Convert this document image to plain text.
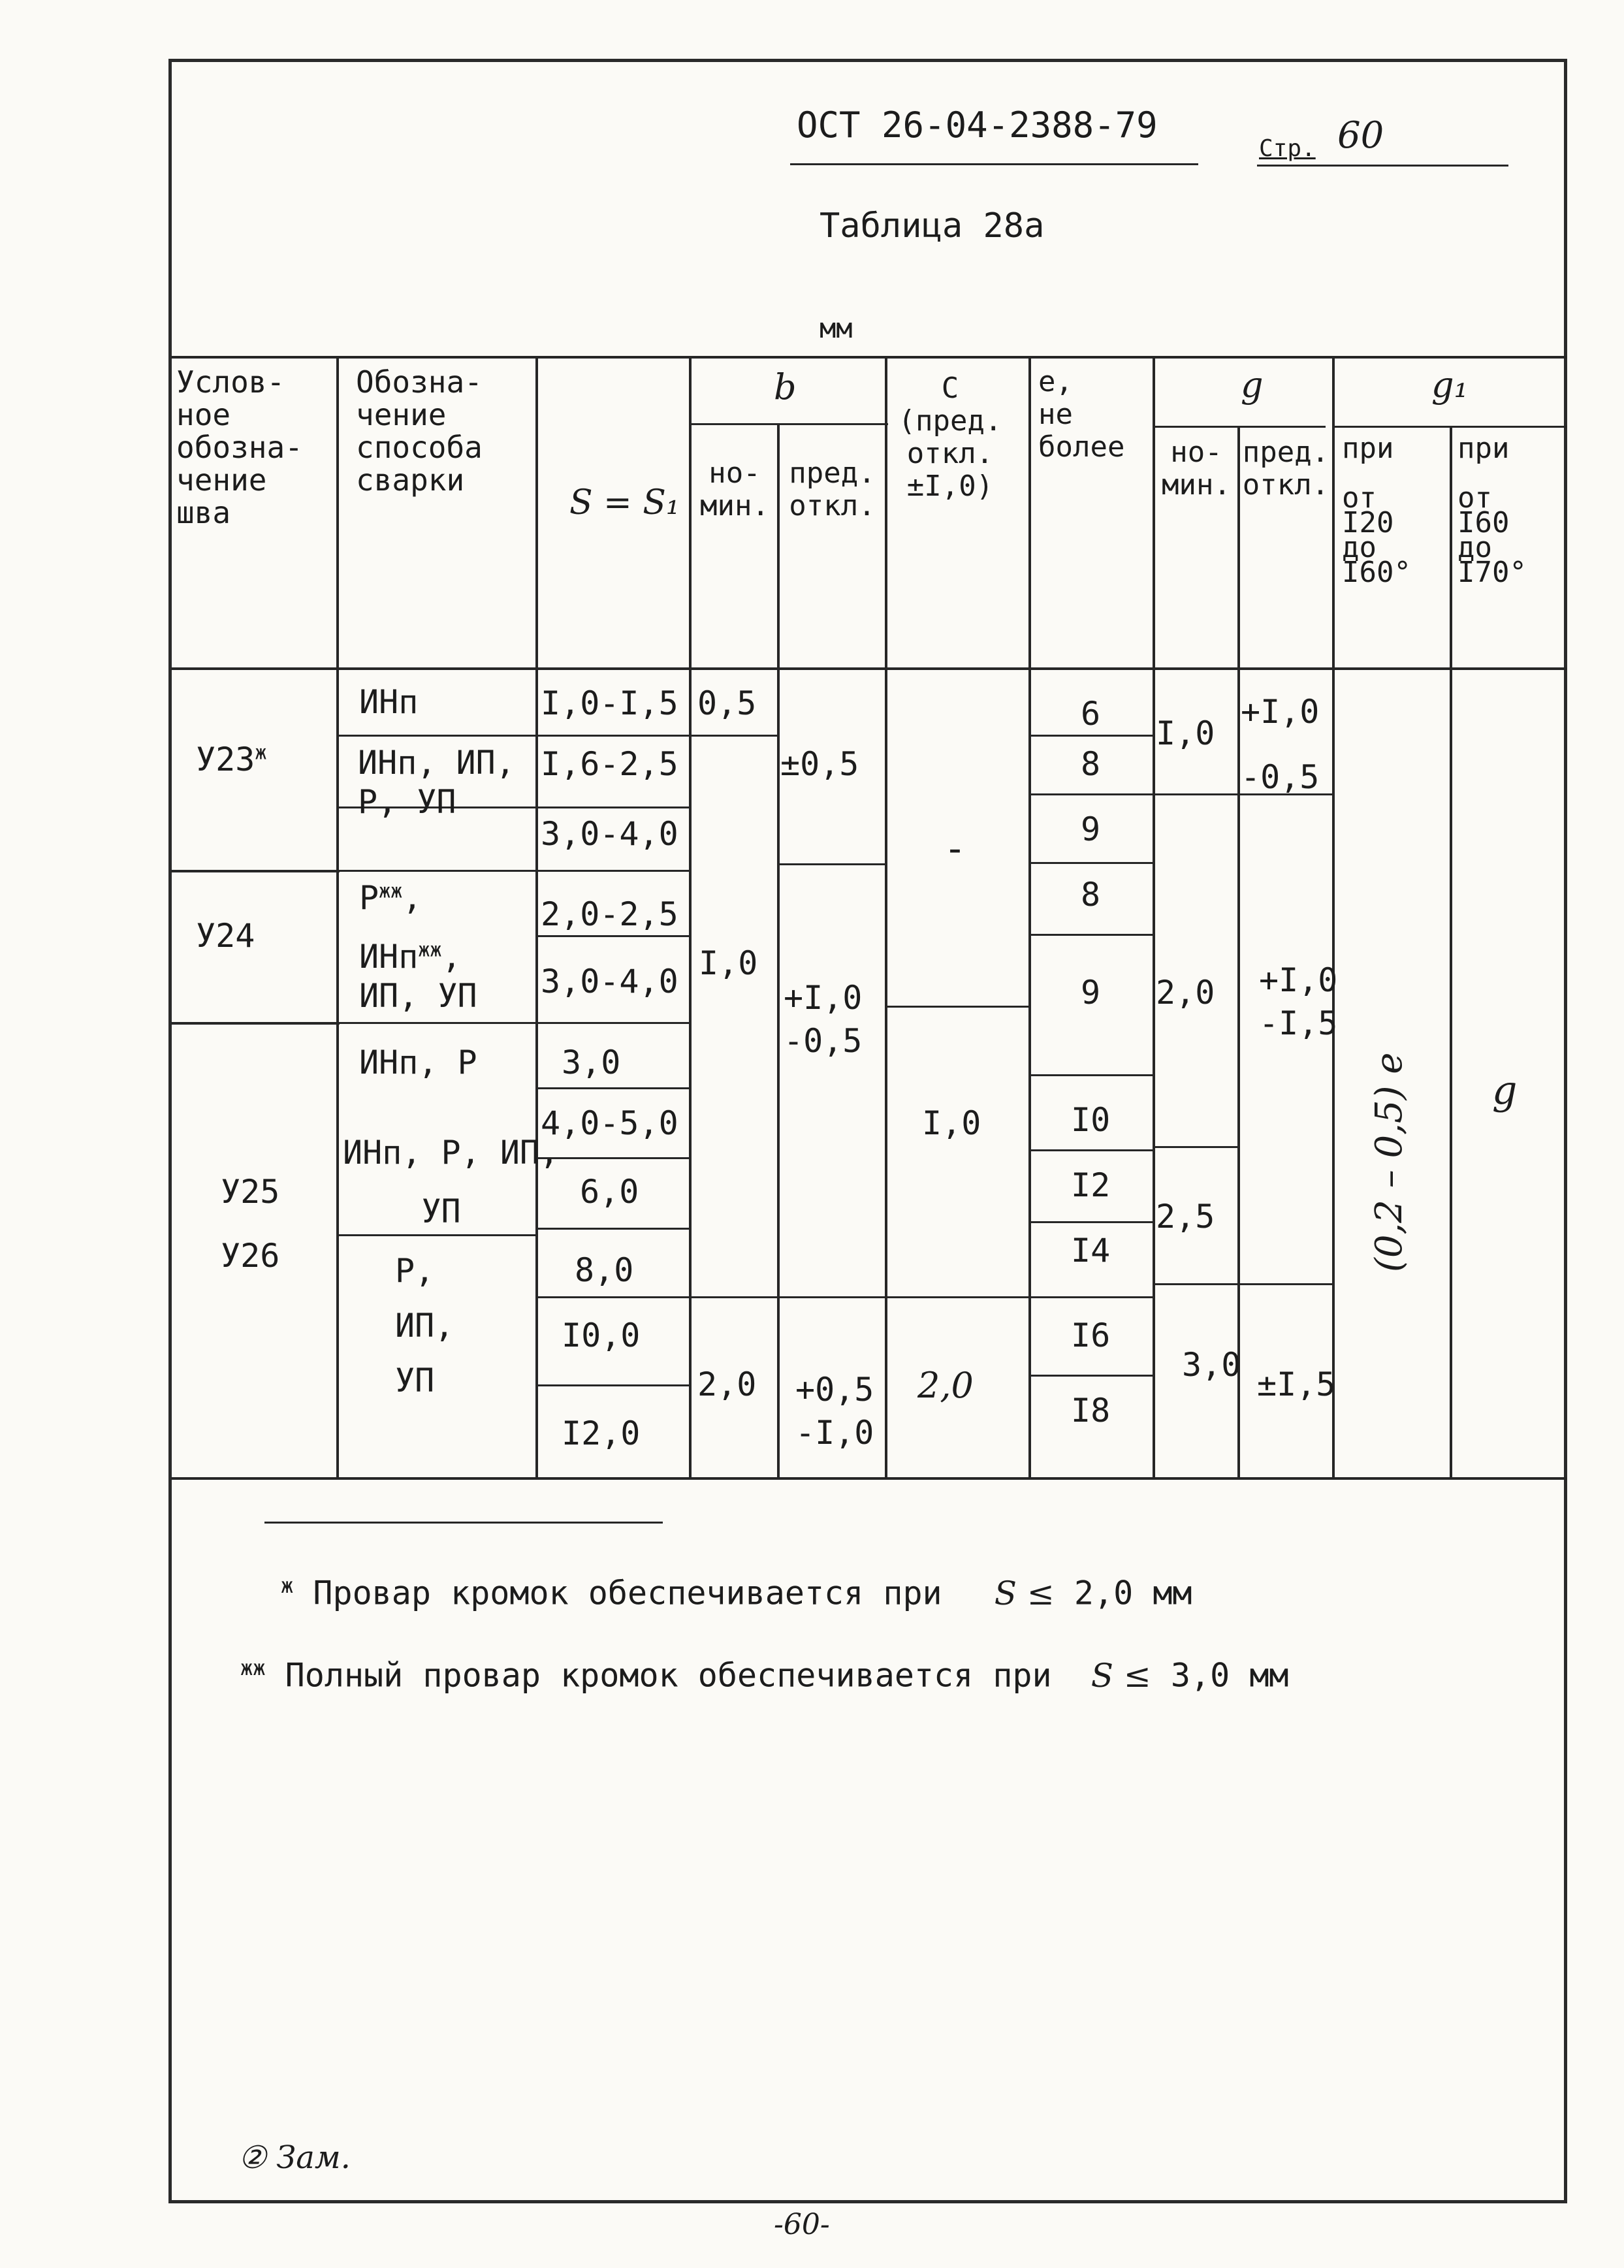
ОСТ 26-04-2388-79
Стр. 60
Таблица 28а
мм
Услов-
ное
обозна-
чение
шва
Обозна-
чение
способа
сварки
S = S₁
b
но-
мин.
пред.
откл.
C
(пред.
откл.
±I,0)
e,
не
более
g
но-
мин.
пред.
откл.
g₁
при

от
I20
до
I60°
при

от
I60
до
I70°
$У23^ж$
У24
У25
У26
ИНп
ИНп, ИП,
Р, УП
$Р^{жж}$,
ИНп$^{жж}$,
ИП, УП
ИНп, Р
ИНп, Р, ИП,
УП
Р,

ИП,

УП
I,0-I,5
I,6-2,5
3,0-4,0
2,0-2,5
3,0-4,0
3,0
4,0-5,0
6,0
8,0
I0,0
I2,0
0,5
I,0
2,0
±0,5
+I,0
-0,5
+0,5
-I,0
-
I,0
2,0
6
8
9
8
9
I0
I2
I4
I6
I8
I,0
2,0
2,5
3,0
+I,0
-0,5
+I,0
-I,5
±I,5
(0,2 – 0,5) e g
$^ж$ Провар кромок обеспечивается при S ≤ 2,0 мм
$^{жж}$ Полный провар кромок обеспечивается при S ≤ 3,0 мм
② Зам.
-60-
